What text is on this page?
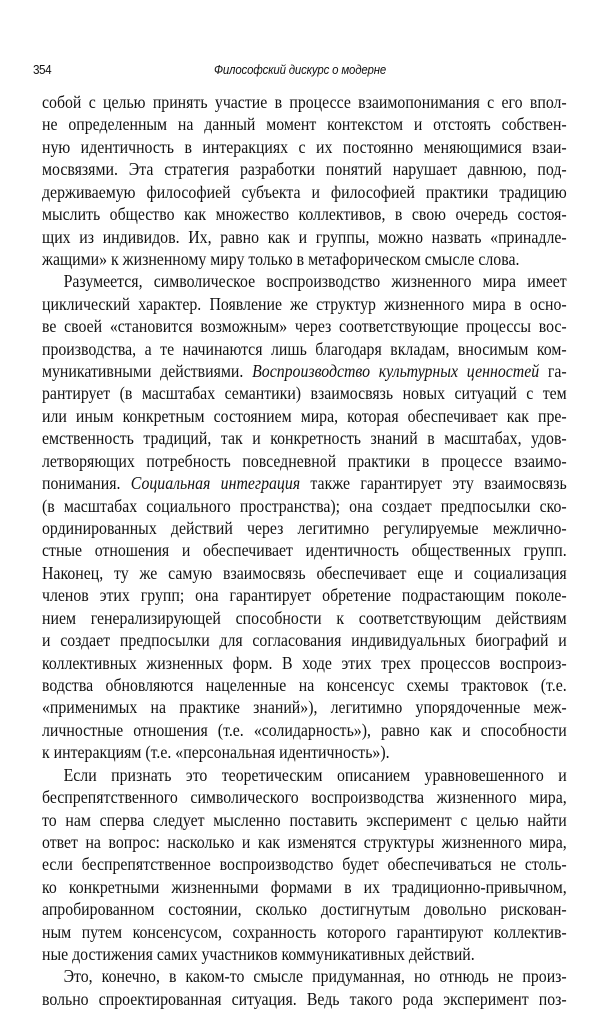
354	Философский дискурс о модерне
собой с целью принять участие в процессе взаимопонимания с его впол-
не определенным на данный момент контекстом и отстоять собствен-
ную идентичность в интеракциях с их постоянно меняющимися взаи-
мосвязями. Эта стратегия разработки понятий нарушает давнюю, под-
держиваемую философией субъекта и философией практики традицию
мыслить общество как множество коллективов, в свою очередь состоя-
щих из индивидов. Их, равно как и группы, можно назвать «принадле-
жащими» к жизненному миру только в метафорическом смысле слова.
Разумеется, символическое воспроизводство жизненного мира имеет
циклический характер. Появление же структур жизненного мира в осно-
ве своей «становится возможным» через соответствующие процессы вос-
производства, а те начинаются лишь благодаря вкладам, вносимым ком-
муникативными действиями. Воспроизводство культурных ценностей га-
рантирует (в масштабах семантики) взаимосвязь новых ситуаций с тем
или иным конкретным состоянием мира, которая обеспечивает как пре-
емственность традиций, так и конкретность знаний в масштабах, удов-
летворяющих потребность повседневной практики в процессе взаимо-
понимания. Социальная интеграция также гарантирует эту взаимосвязь
(в масштабах социального пространства); она создает предпосылки ско-
ординированных действий через легитимно регулируемые межлично-
стные отношения и обеспечивает идентичность общественных групп.
Наконец, ту же самую взаимосвязь обеспечивает еще и социализация
членов этих групп; она гарантирует обретение подрастающим поколе-
нием генерализирующей способности к соответствующим действиям
и создает предпосылки для согласования индивидуальных биографий и
коллективных жизненных форм. В ходе этих трех процессов воспроиз-
водства обновляются нацеленные на консенсус схемы трактовок (т.е.
«применимых на практике знаний»), легитимно упорядоченные меж-
личностные отношения (т.е. «солидарность»), равно как и способности
к интеракциям (т.е. «персональная идентичность»).
Если признать это теоретическим описанием уравновешенного и
беспрепятственного символического воспроизводства жизненного мира,
то нам сперва следует мысленно поставить эксперимент с целью найти
ответ на вопрос: насколько и как изменятся структуры жизненного мира,
если беспрепятственное воспроизводство будет обеспечиваться не столь-
ко конкретными жизненными формами в их традиционно-привычном,
апробированном состоянии, сколько достигнутым довольно рискован-
ным путем консенсусом, сохранность которого гарантируют коллектив-
ные достижения самих участников коммуникативных действий.
Это, конечно, в каком-то смысле придуманная, но отнюдь не произ-
вольно спроектированная ситуация. Ведь такого рода эксперимент поз-
